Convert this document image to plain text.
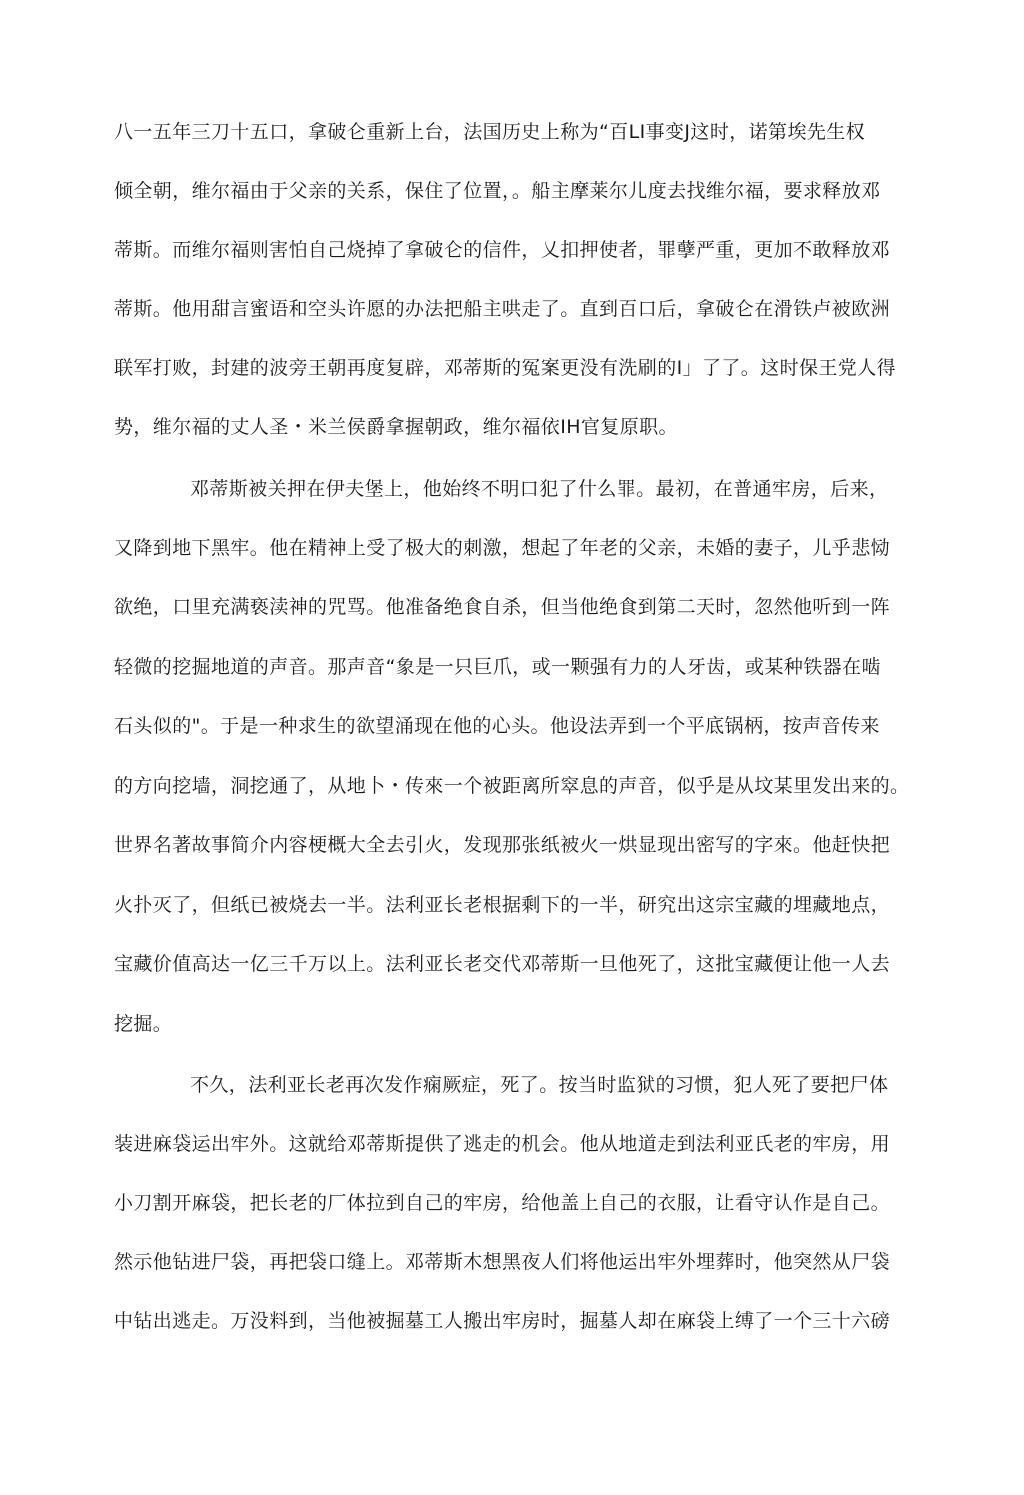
八一五年三刀十五口，拿破仑重新上台，法国历史上称为“百LI事变J这时，诺第埃先生权
倾全朝，维尔福由于父亲的关系，保住了位置，。船主摩莱尔儿度去找维尔福，要求释放邓
蒂斯。而维尔福则害怕自己烧掉了拿破仑的信件，乂扣押使者，罪孽严重，更加不敢释放邓
蒂斯。他用甜言蜜语和空头许愿的办法把船主哄走了。直到百口后，拿破仑在滑铁卢被欧洲
联军打败，封建的波旁王朝再度复辟，邓蒂斯的冤案更没有洗刷的I」了了。这时保王党人得
势，维尔福的丈人圣・米兰侯爵拿握朝政，维尔福依IH官复原职。
邓蒂斯被关押在伊夫堡上，他始终不明口犯了什么罪。最初，在普通牢房，后来，
又降到地下黑牢。他在精神上受了极大的刺激，想起了年老的父亲，未婚的妻子，儿乎悲恸
欲绝，口里充满亵渎神的咒骂。他准备绝食自杀，但当他绝食到第二天时，忽然他听到一阵
轻微的挖掘地道的声音。那声音“象是一只巨爪，或一颗强有力的人牙齿，或某种铁器在啮
石头似的"。于是一种求生的欲望涌现在他的心头。他设法弄到一个平底锅柄，按声音传来
的方向挖墙，洞挖通了，从地卜・传來一个被距离所窣息的声音，似乎是从坟某里发出来的。
世界名著故事简介内容梗概大全去引火，发现那张纸被火一烘显现出密写的字來。他赶快把
火扑灭了，但纸已被烧去一半。法利亚长老根据剩下的一半，研究出这宗宝藏的埋藏地点，
宝藏价值高达一亿三千万以上。法利亚长老交代邓蒂斯一旦他死了，这批宝藏便让他一人去
挖掘。
不久，法利亚长老再次发作痫厥症，死了。按当时监狱的习惯，犯人死了要把尸体
装进麻袋运出牢外。这就给邓蒂斯提供了逃走的机会。他从地道走到法利亚氏老的牢房，用
小刀割开麻袋，把长老的厂体拉到自己的牢房，给他盖上自己的衣服，让看守认作是自己。
然示他钻进尸袋，再把袋口缝上。邓蒂斯木想黑夜人们将他运出牢外埋葬时，他突然从尸袋
中钻出逃走。万没料到，当他被掘墓工人搬出牢房时，掘墓人却在麻袋上缚了一个三十六磅
